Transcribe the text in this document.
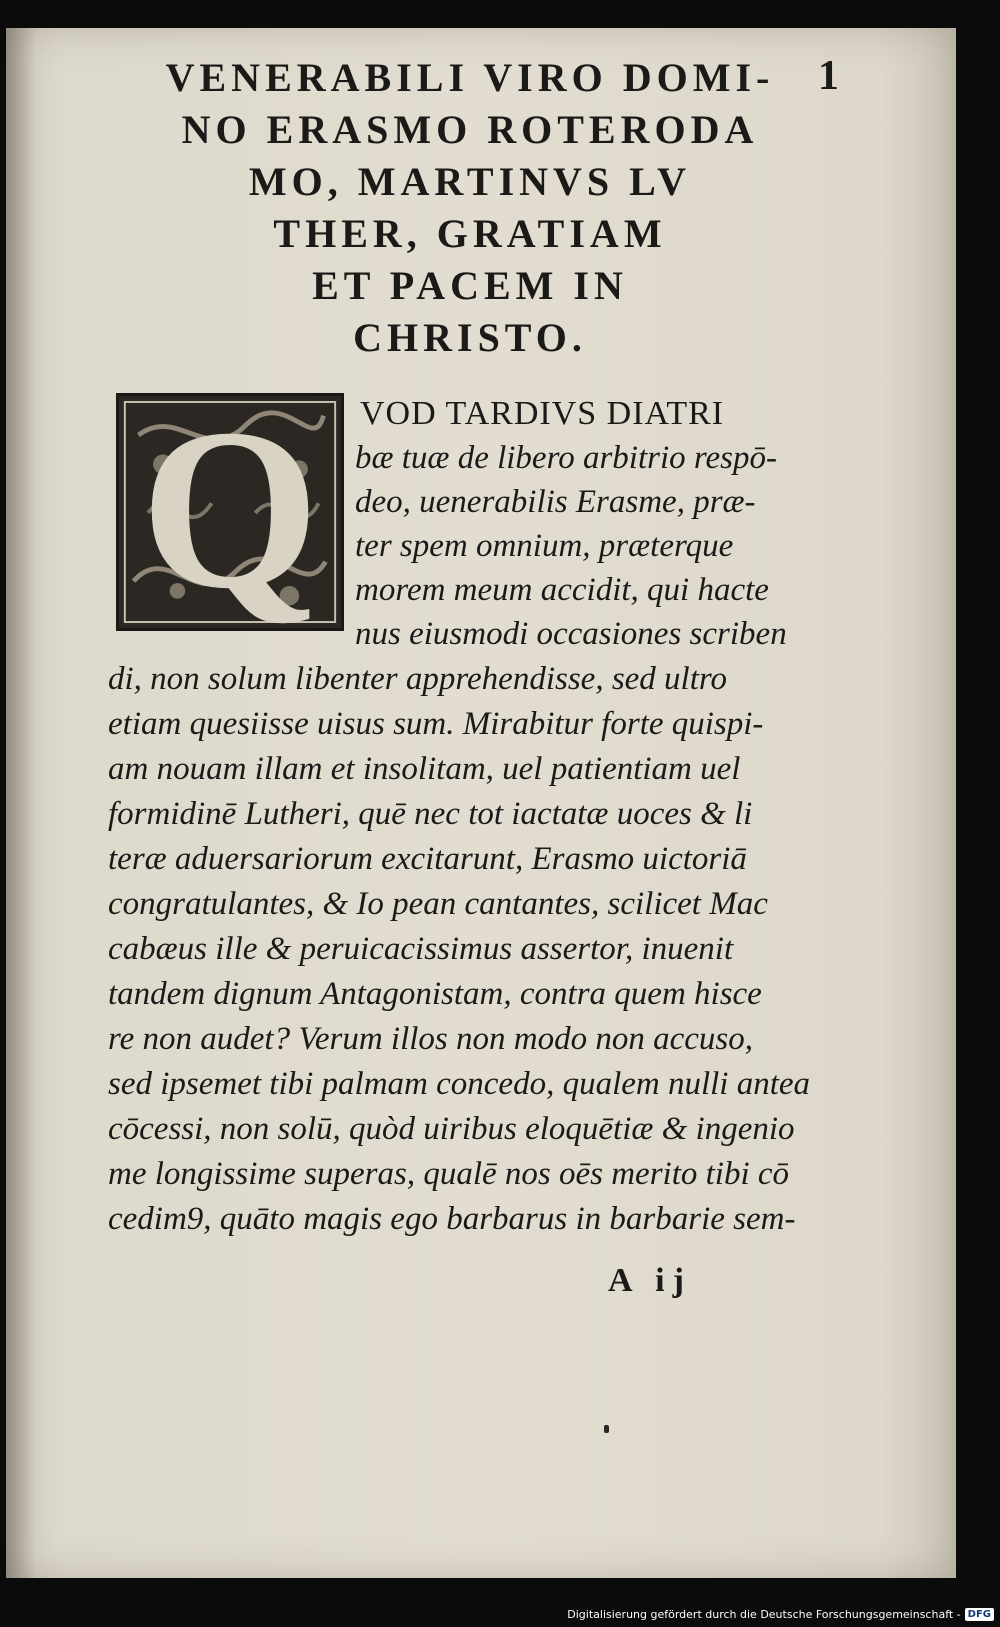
1
VENERABILI VIRO DOMI-
NO ERASMO ROTERODA
MO, MARTINVS LV
THER, GRATIAM
ET PACEM IN
CHRISTO.
Q	VOD TARDIVS DIATRI
bæ tuæ de libero arbitrio respō-
deo, uenerabilis Erasme, præ-
ter spem omnium, præterque
morem meum accidit, qui hacte
nus eiusmodi occasiones scriben
di, non solum libenter apprehendisse, sed ultro
etiam quesiisse uisus sum. Mirabitur forte quispi-
am nouam illam et insolitam, uel patientiam uel
formidinē Lutheri, quē nec tot iactatæ uoces & li
teræ aduersariorum excitarunt, Erasmo uictoriā
congratulantes, & Io pean cantantes, scilicet Mac
cabæus ille & peruicacissimus assertor, inuenit
tandem dignum Antagonistam, contra quem hisce
re non audet? Verum illos non modo non accuso,
sed ipsemet tibi palmam concedo, qualem nulli antea
cōcessi, non solū, quòd uiribus eloquētiæ & ingenio
me longissime superas, qualē nos oēs merito tibi cō
cedim9, quāto magis ego barbarus in barbarie sem-
A ij
Digitalisierung gefördert durch die Deutsche Forschungsgemeinschaft - DFG
